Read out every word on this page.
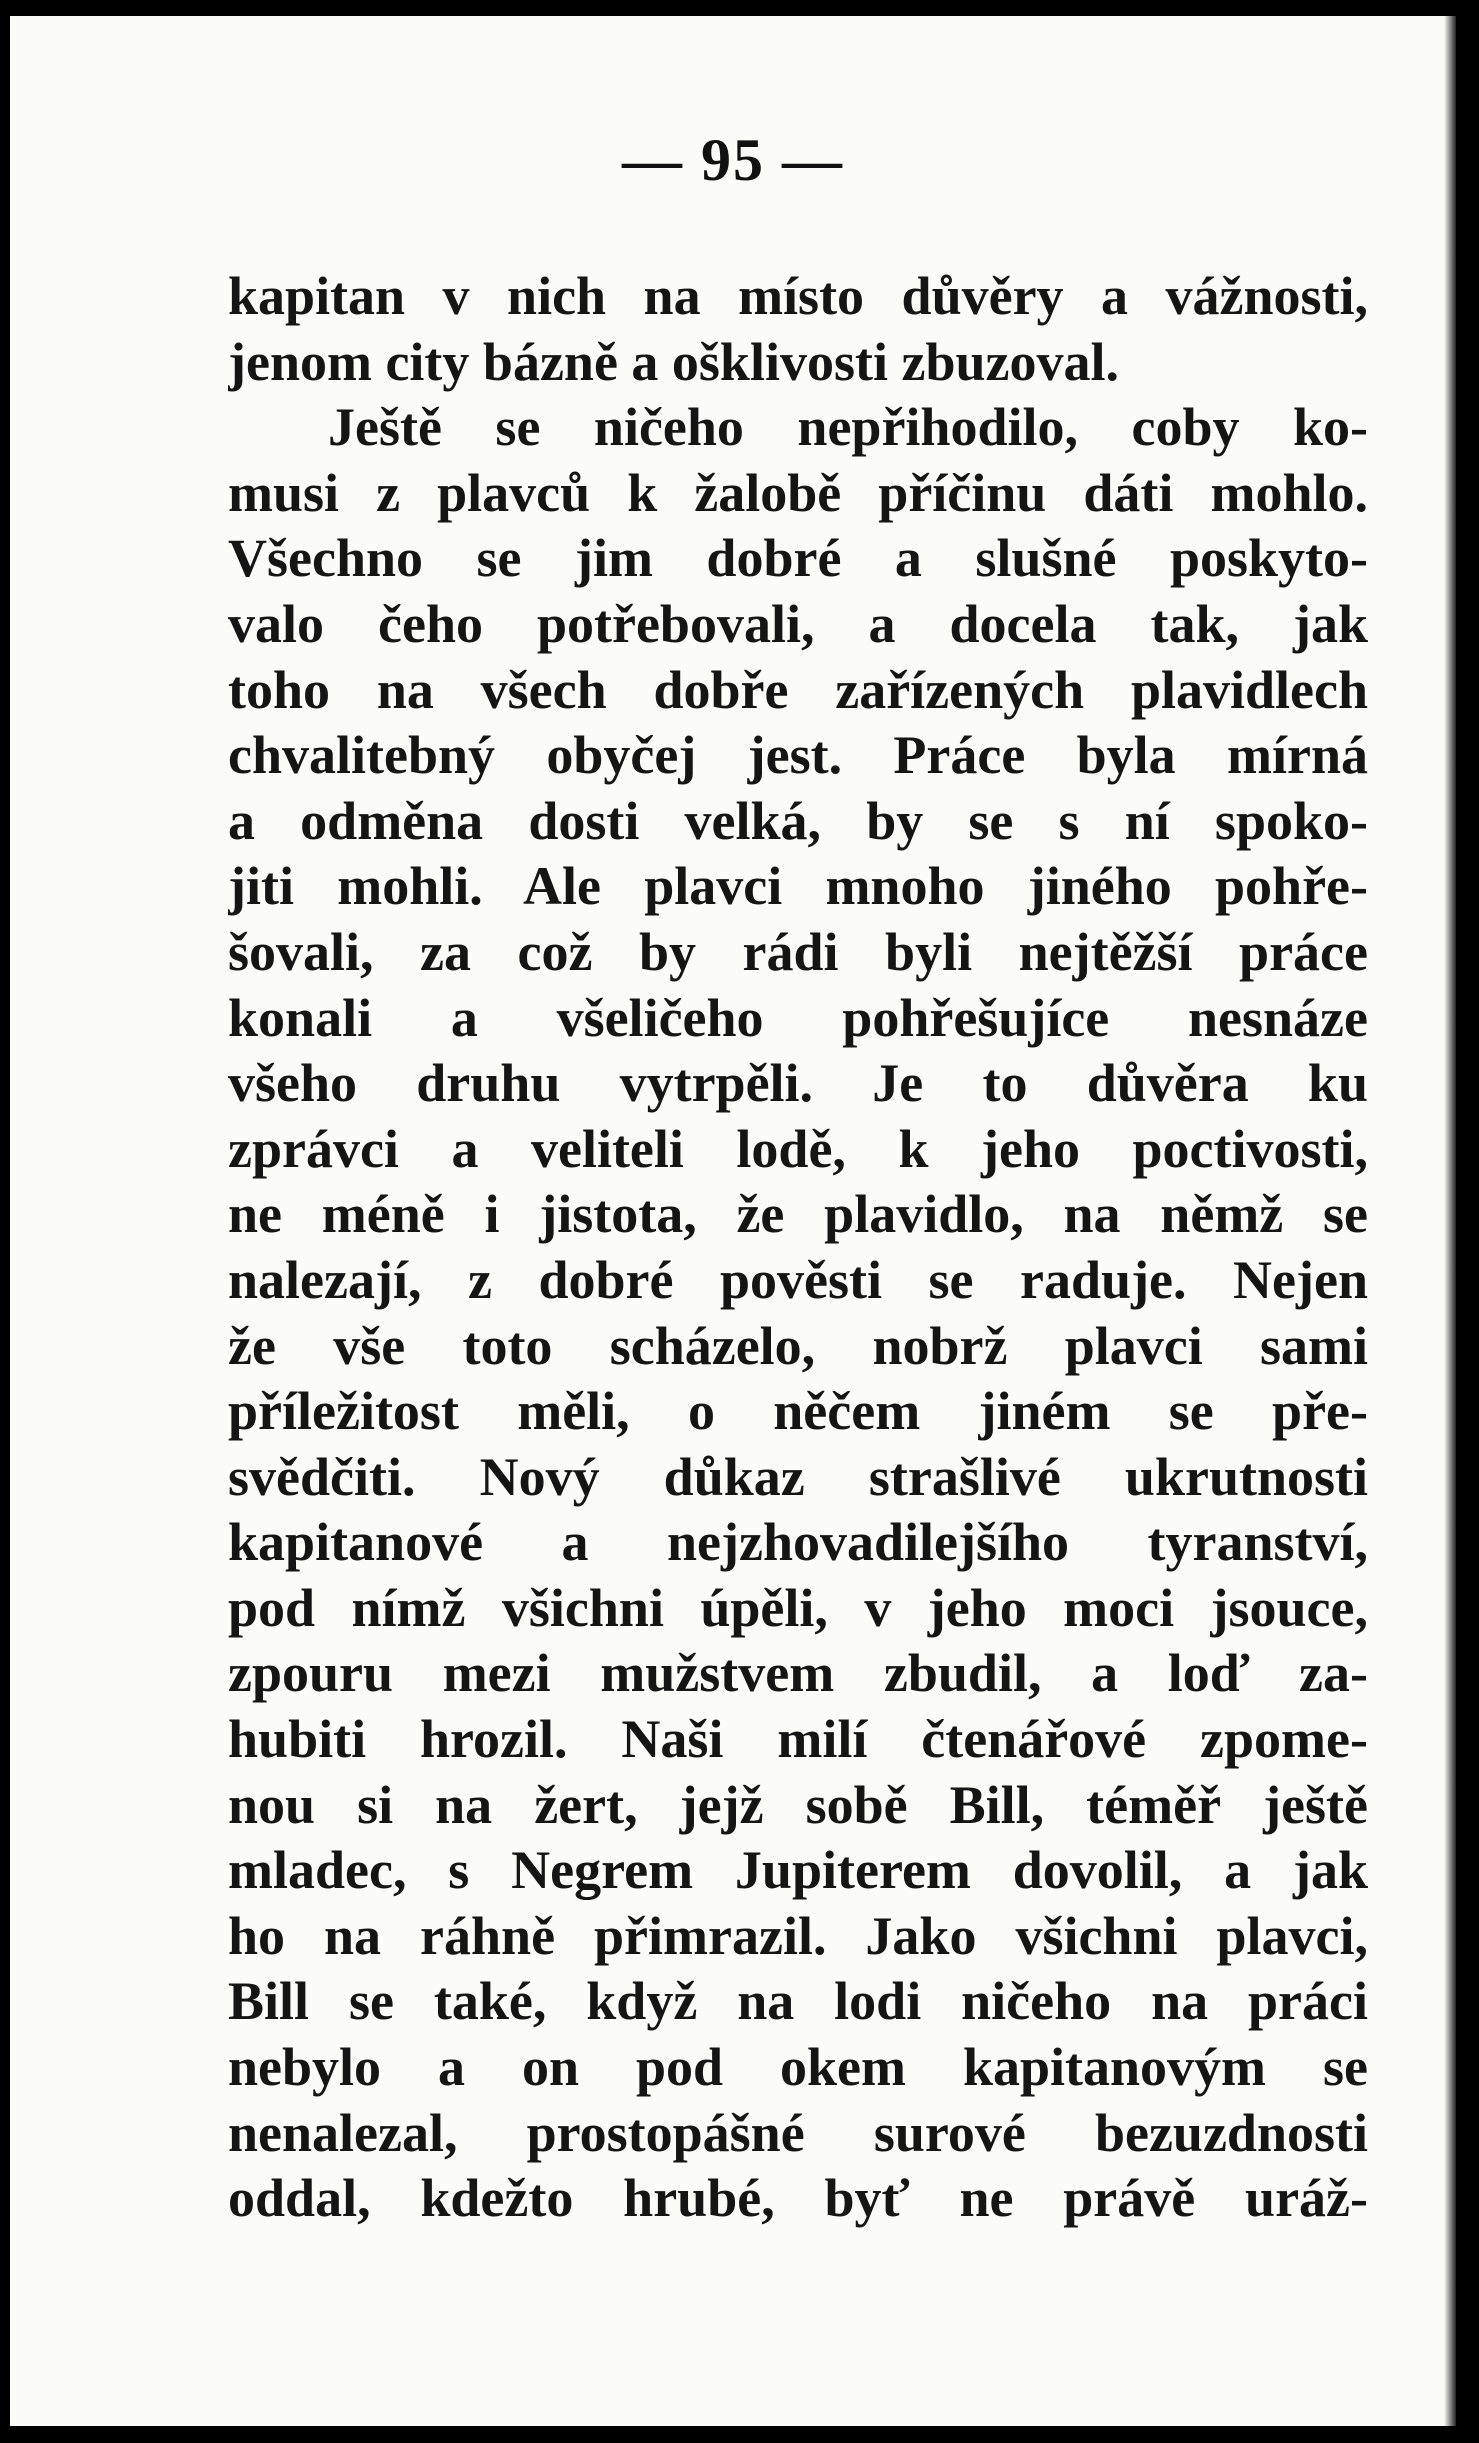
— 95 —
kapitan v nich na místo důvěry a vážnosti,
jenom city bázně a ošklivosti zbuzoval.
Ještě se ničeho nepřihodilo, coby ko-
musi z plavců k žalobě příčinu dáti mohlo.
Všechno se jim dobré a slušné poskyto-
valo čeho potřebovali, a docela tak, jak
toho na všech dobře zařízených plavidlech
chvalitebný obyčej jest. Práce byla mírná
a odměna dosti velká, by se s ní spoko-
jiti mohli. Ale plavci mnoho jiného pohře-
šovali, za což by rádi byli nejtěžší práce
konali a všeličeho pohřešujíce nesnáze
všeho druhu vytrpěli. Je to důvěra ku
zprávci a veliteli lodě, k jeho poctivosti,
ne méně i jistota, že plavidlo, na němž se
nalezají, z dobré pověsti se raduje. Nejen
že vše toto scházelo, nobrž plavci sami
příležitost měli, o něčem jiném se pře-
svědčiti. Nový důkaz strašlivé ukrutnosti
kapitanové a nejzhovadilejšího tyranství,
pod nímž všichni úpěli, v jeho moci jsouce,
zpouru mezi mužstvem zbudil, a loď za-
hubiti hrozil. Naši milí čtenářové zpome-
nou si na žert, jejž sobě Bill, téměř ještě
mladec, s Negrem Jupiterem dovolil, a jak
ho na ráhně přimrazil. Jako všichni plavci,
Bill se také, když na lodi ničeho na práci
nebylo a on pod okem kapitanovým se
nenalezal, prostopášné surové bezuzdnosti
oddal, kdežto hrubé, byť ne právě uráž-
